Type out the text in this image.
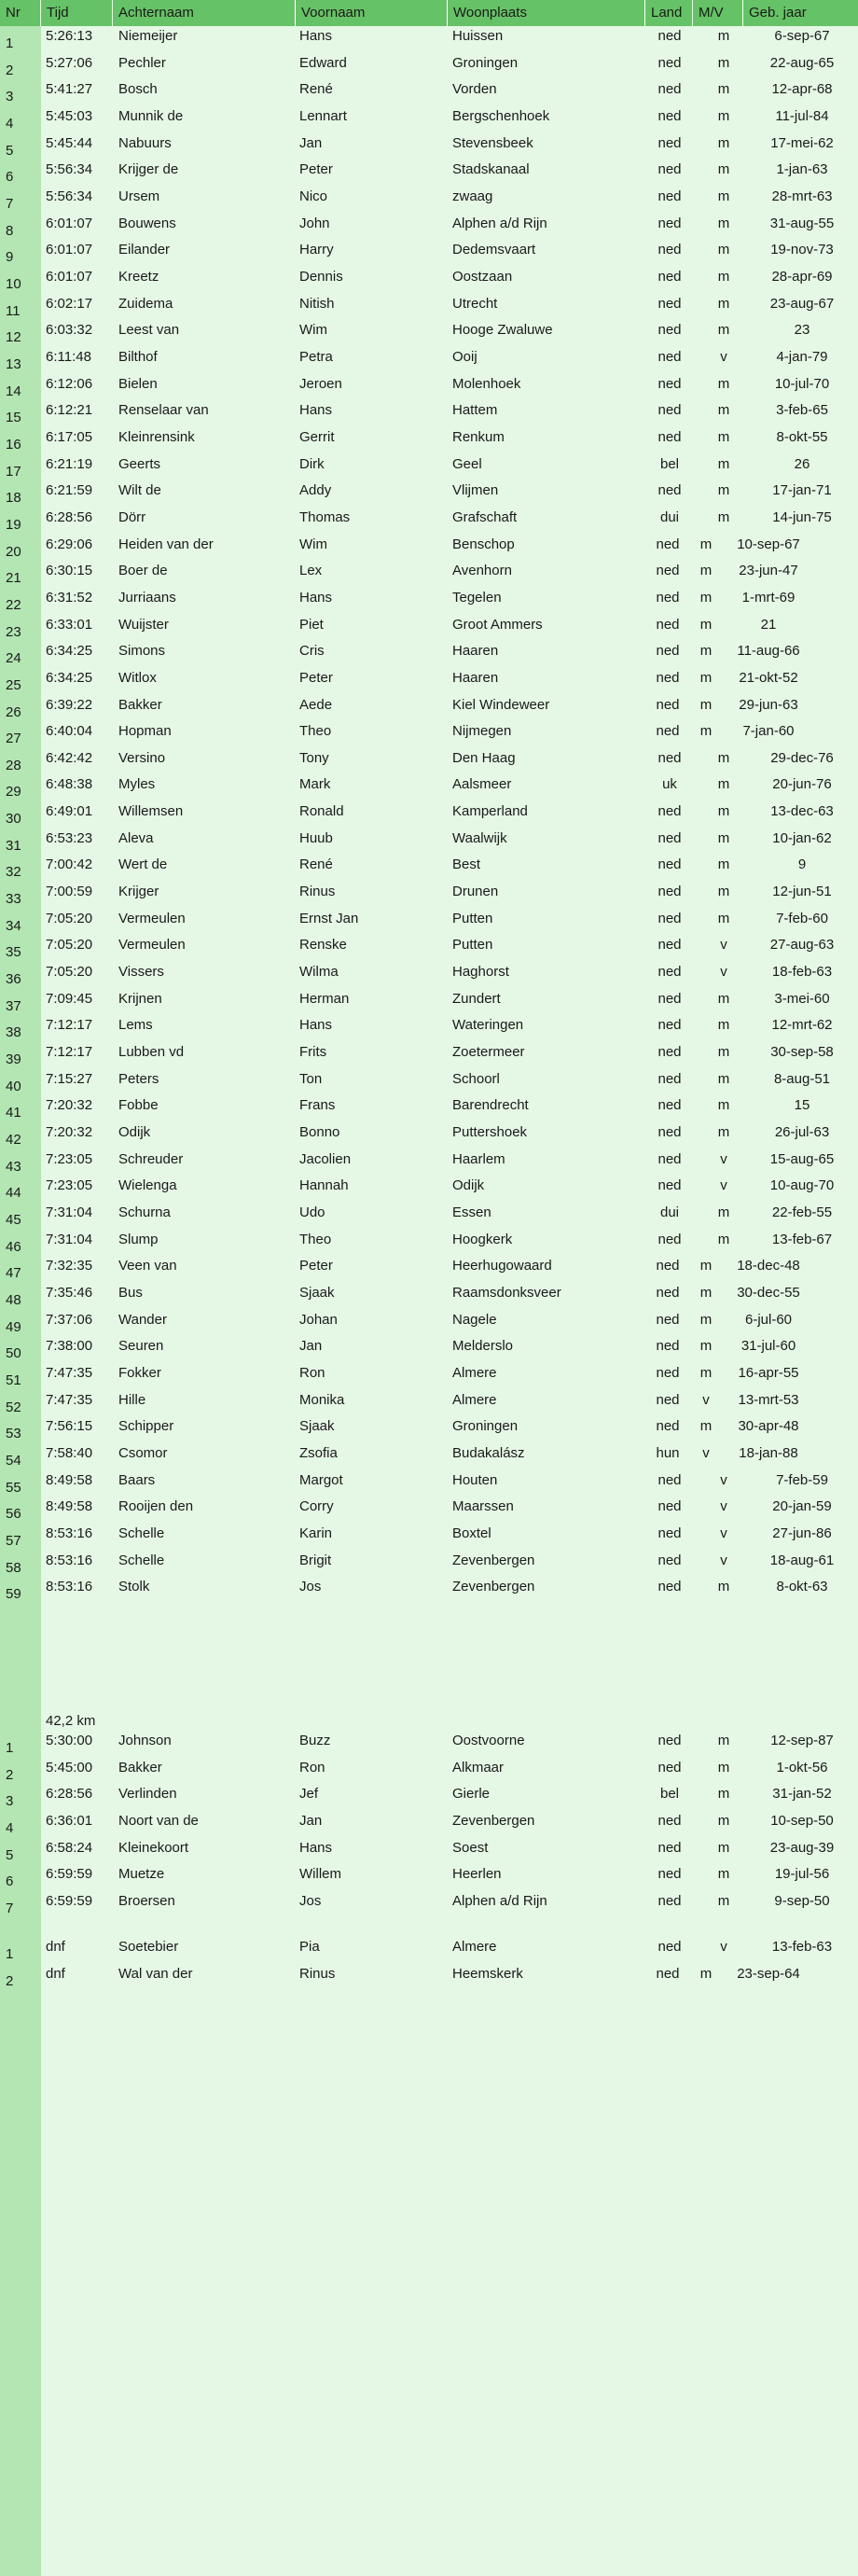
Nr	Tijd	Achternaam	Voornaam	Woonplaats	Land	M/V	Geb. jaar
1 5:26:13 Niemeijer	Hans	Huissen	ned	m	6-sep-67
2 5:27:06 Pechler	Edward	Groningen	ned	m	22-aug-65
3 5:41:27 Bosch	René	Vorden	ned	m	12-apr-68
4 5:45:03 Munnik de	Lennart	Bergschenhoek	ned	m	11-jul-84
5 5:45:44 Nabuurs	Jan	Stevensbeek	ned	m	17-mei-62
6 5:56:34 Krijger de	Peter	Stadskanaal	ned	m	1-jan-63
7 5:56:34 Ursem	Nico	zwaag	ned	m	28-mrt-63
8 6:01:07 Bouwens	John	Alphen a/d Rijn	ned	m	31-aug-55
9 6:01:07 Eilander	Harry	Dedemsvaart	ned	m	19-nov-73
10 6:01:07 Kreetz	Dennis	Oostzaan	ned	m	28-apr-69
11 6:02:17 Zuidema	Nitish	Utrecht	ned	m	23-aug-67
12 6:03:32 Leest van	Wim	Hooge Zwaluwe	ned	m	23
13 6:11:48 Bilthof	Petra	Ooij	ned	v	4-jan-79
14 6:12:06 Bielen	Jeroen	Molenhoek	ned	m	10-jul-70
15 6:12:21 Renselaar van	Hans	Hattem	ned	m	3-feb-65
16 6:17:05 Kleinrensink	Gerrit	Renkum	ned	m	8-okt-55
17 6:21:19 Geerts	Dirk	Geel	bel	m	26
18 6:21:59 Wilt de	Addy	Vlijmen	ned	m	17-jan-71
19 6:28:56 Dörr	Thomas	Grafschaft	dui	m	14-jun-75
20 6:29:06 Heiden van der	Wim	Benschop	ned	m	10-sep-67
21 6:30:15 Boer de	Lex	Avenhorn	ned	m	23-jun-47
22 6:31:52 Jurriaans	Hans	Tegelen	ned	m	1-mrt-69
23 6:33:01 Wuijster	Piet	Groot Ammers	ned	m	21
24 6:34:25 Simons	Cris	Haaren	ned	m	11-aug-66
25 6:34:25 Witlox	Peter	Haaren	ned	m	21-okt-52
26 6:39:22 Bakker	Aede	Kiel Windeweer	ned	m	29-jun-63
27 6:40:04 Hopman	Theo	Nijmegen	ned	m	7-jan-60
28 6:42:42 Versino	Tony	Den Haag	ned	m	29-dec-76
29 6:48:38 Myles	Mark	Aalsmeer	uk	m	20-jun-76
30 6:49:01 Willemsen	Ronald	Kamperland	ned	m	13-dec-63
31 6:53:23 Aleva	Huub	Waalwijk	ned	m	10-jan-62
32 7:00:42 Wert de	René	Best	ned	m	9
33 7:00:59 Krijger	Rinus	Drunen	ned	m	12-jun-51
34 7:05:20 Vermeulen	Ernst Jan	Putten	ned	m	7-feb-60
35 7:05:20 Vermeulen	Renske	Putten	ned	v	27-aug-63
36 7:05:20 Vissers	Wilma	Haghorst	ned	v	18-feb-63
37 7:09:45 Krijnen	Herman	Zundert	ned	m	3-mei-60
38 7:12:17 Lems	Hans	Wateringen	ned	m	12-mrt-62
39 7:12:17 Lubben vd	Frits	Zoetermeer	ned	m	30-sep-58
40 7:15:27 Peters	Ton	Schoorl	ned	m	8-aug-51
41 7:20:32 Fobbe	Frans	Barendrecht	ned	m	15
42 7:20:32 Odijk	Bonno	Puttershoek	ned	m	26-jul-63
43 7:23:05 Schreuder	Jacolien	Haarlem	ned	v	15-aug-65
44 7:23:05 Wielenga	Hannah	Odijk	ned	v	10-aug-70
45 7:31:04 Schurna	Udo	Essen	dui	m	22-feb-55
46 7:31:04 Slump	Theo	Hoogkerk	ned	m	13-feb-67
47 7:32:35 Veen van	Peter	Heerhugowaard	ned	m	18-dec-48
48 7:35:46 Bus	Sjaak	Raamsdonksveer	ned	m	30-dec-55
49 7:37:06 Wander	Johan	Nagele	ned	m	6-jul-60
50 7:38:00 Seuren	Jan	Melderslo	ned	m	31-jul-60
51 7:47:35 Fokker	Ron	Almere	ned	m	16-apr-55
52 7:47:35 Hille	Monika	Almere	ned	v	13-mrt-53
53 7:56:15 Schipper	Sjaak	Groningen	ned	m	30-apr-48
54 7:58:40 Csomor	Zsofia	Budakalász	hun	v	18-jan-88
55 8:49:58 Baars	Margot	Houten	ned	v	7-feb-59
56 8:49:58 Rooijen den	Corry	Maarssen	ned	v	20-jan-59
57 8:53:16 Schelle	Karin	Boxtel	ned	v	27-jun-86
58 8:53:16 Schelle	Brigit	Zevenbergen	ned	v	18-aug-61
59 8:53:16 Stolk	Jos	Zevenbergen	ned	m	8-okt-63
42,2 km
1 5:30:00 Johnson	Buzz	Oostvoorne	ned	m	12-sep-87
2 5:45:00 Bakker	Ron	Alkmaar	ned	m	1-okt-56
3 6:28:56 Verlinden	Jef	Gierle	bel	m	31-jan-52
4 6:36:01 Noort van de	Jan	Zevenbergen	ned	m	10-sep-50
5 6:58:24 Kleinekoort	Hans	Soest	ned	m	23-aug-39
6 6:59:59 Muetze	Willem	Heerlen	ned	m	19-jul-56
7 6:59:59 Broersen	Jos	Alphen a/d Rijn	ned	m	9-sep-50
1 dnf	Soetebier	Pia	Almere	ned	v	13-feb-63
2 dnf	Wal van der	Rinus	Heemskerk	ned	m	23-sep-64
